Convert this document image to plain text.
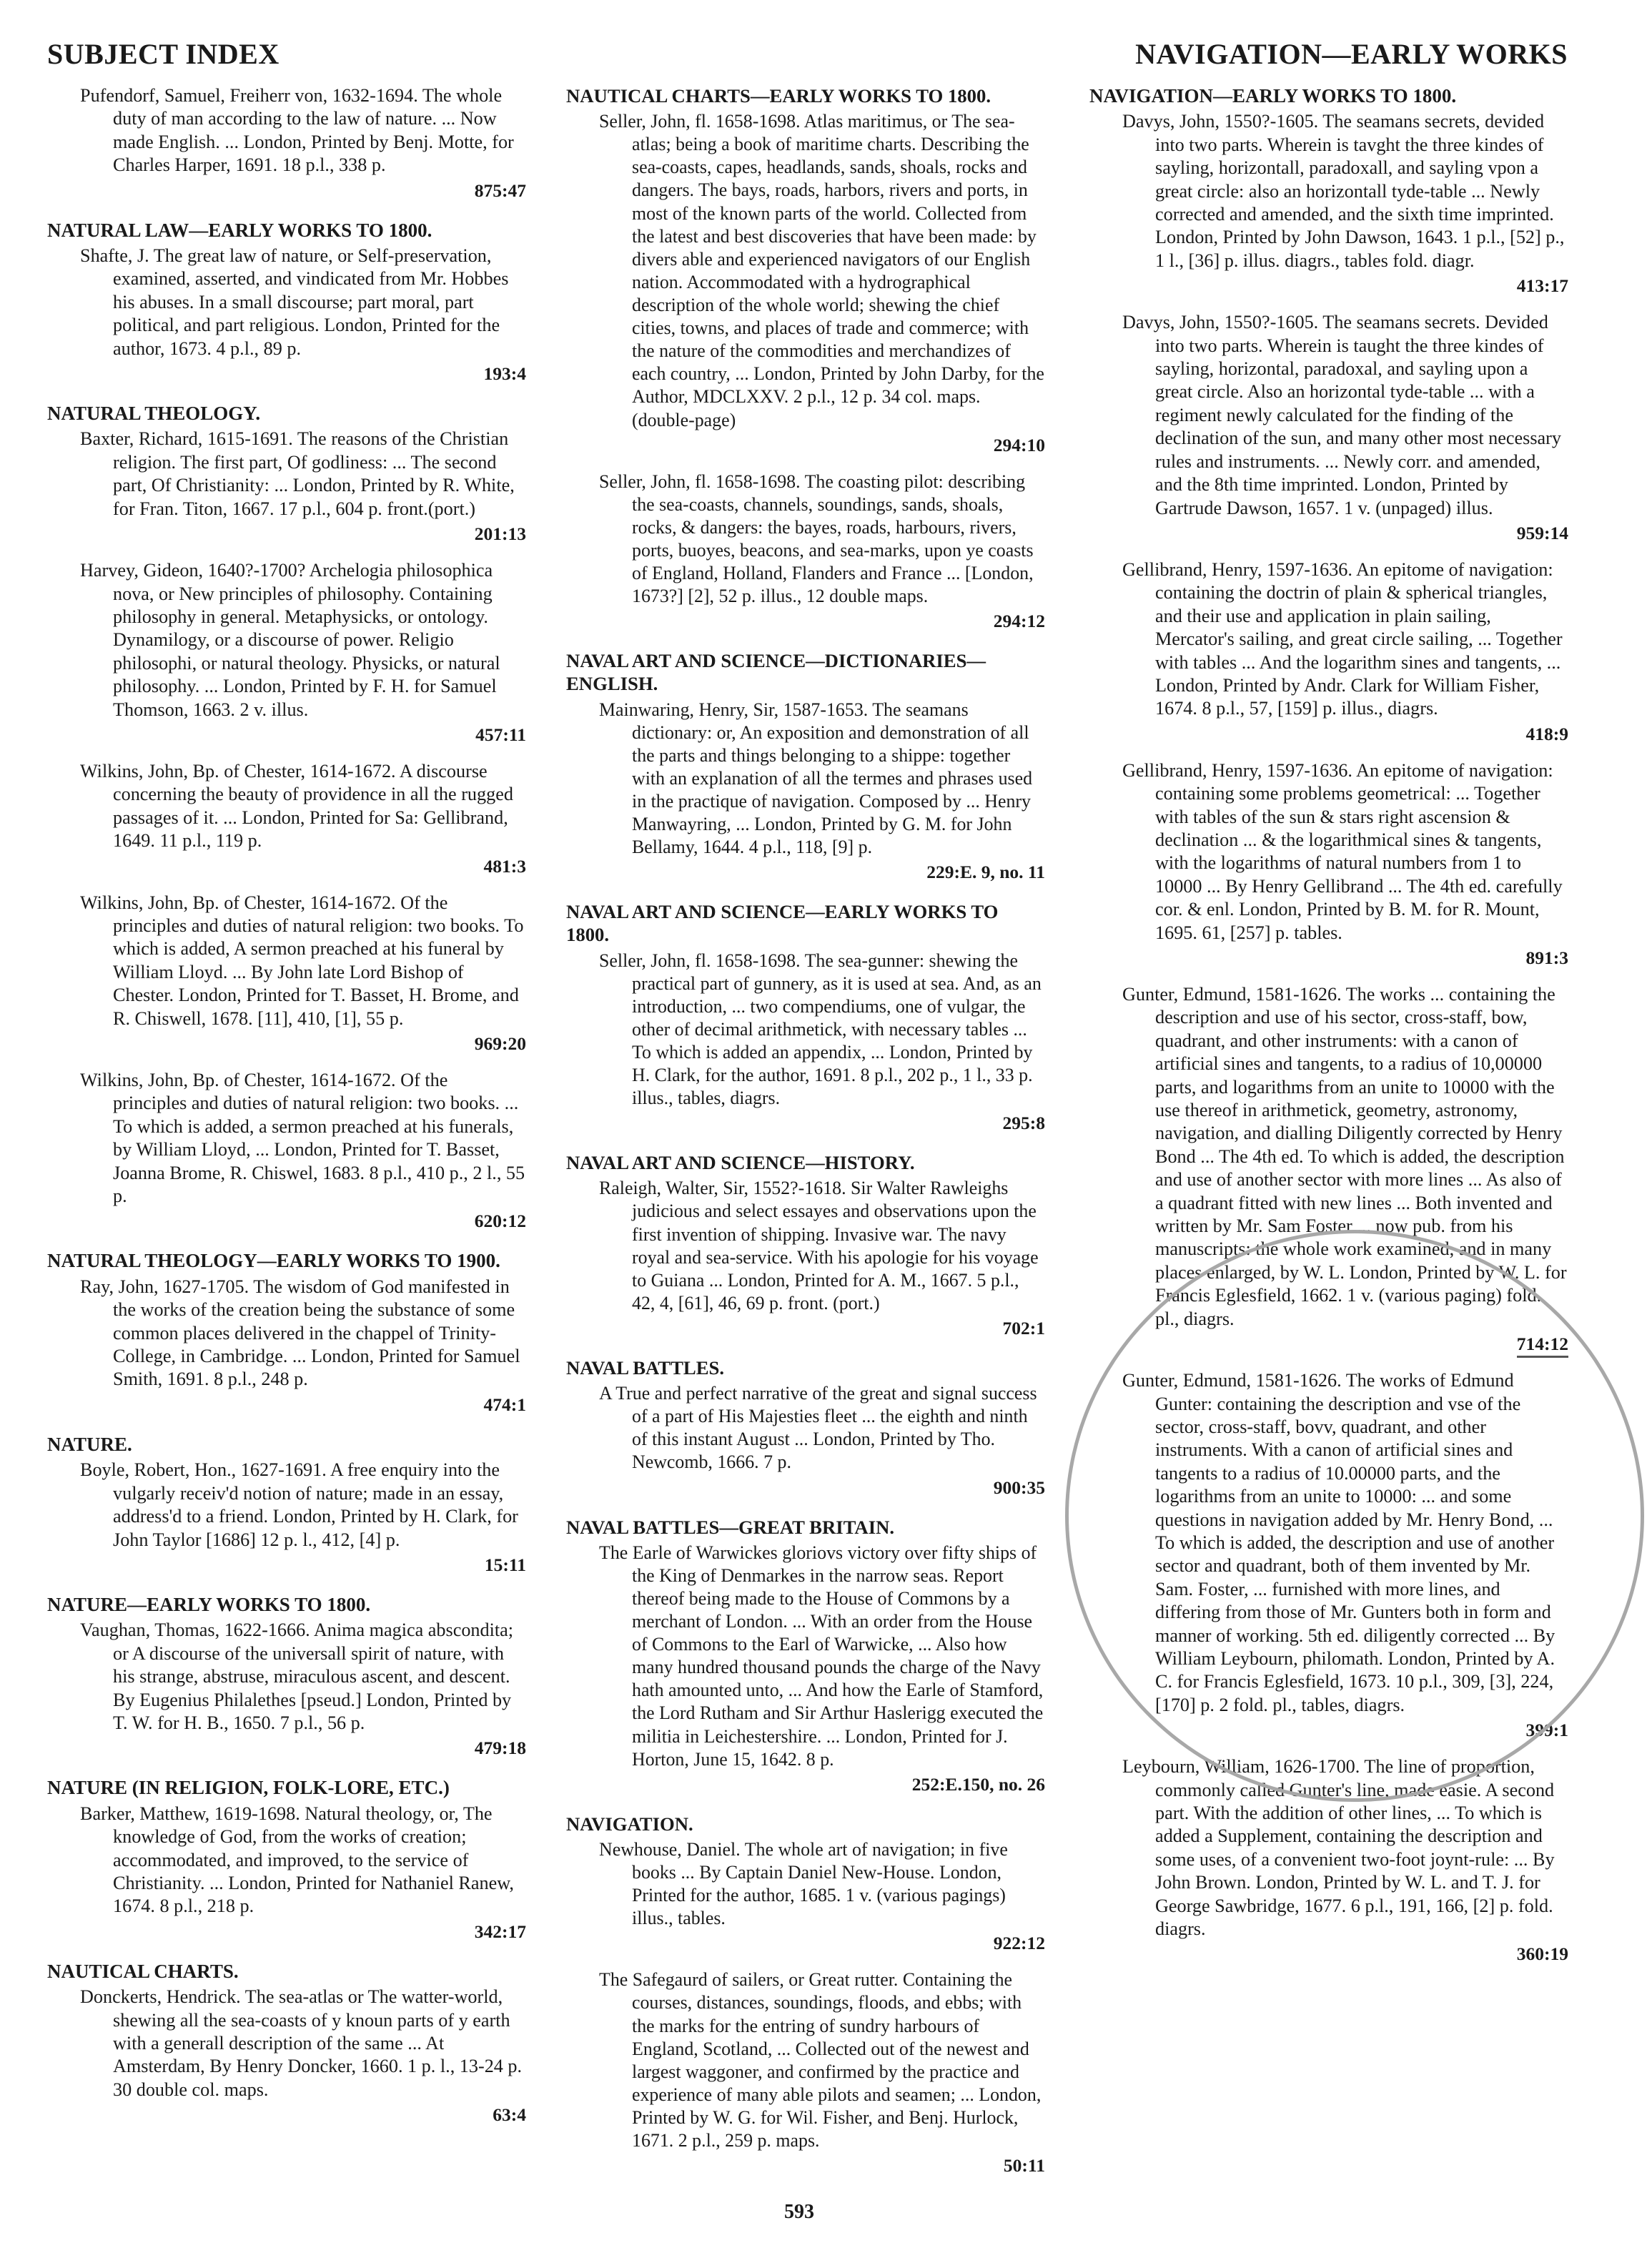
SUBJECT INDEX	NAVIGATION—EARLY WORKS
Pufendorf, Samuel, Freiherr von, 1632-1694. The whole duty of man according to the law of nature. ... Now made English. ... London, Printed by Benj. Motte, for Charles Harper, 1691. 18 p.l., 338 p.
875:47
NATURAL LAW—EARLY WORKS TO 1800.
Shafte, J. The great law of nature, or Self-preservation, examined, asserted, and vindicated from Mr. Hobbes his abuses. In a small discourse; part moral, part political, and part religious. London, Printed for the author, 1673. 4 p.l., 89 p.
193:4
NATURAL THEOLOGY.
Baxter, Richard, 1615-1691. The reasons of the Christian religion. The first part, Of godliness: ... The second part, Of Christianity: ... London, Printed by R. White, for Fran. Titon, 1667. 17 p.l., 604 p. front.(port.)
201:13
Harvey, Gideon, 1640?-1700? Archelogia philosophica nova, or New principles of philosophy. Containing philosophy in general. Metaphysicks, or ontology. Dynamilogy, or a discourse of power. Religio philosophi, or natural theology. Physicks, or natural philosophy. ... London, Printed by F. H. for Samuel Thomson, 1663. 2 v. illus.
457:11
Wilkins, John, Bp. of Chester, 1614-1672. A discourse concerning the beauty of providence in all the rugged passages of it. ... London, Printed for Sa: Gellibrand, 1649. 11 p.l., 119 p.
481:3
Wilkins, John, Bp. of Chester, 1614-1672. Of the principles and duties of natural religion: two books. To which is added, A sermon preached at his funeral by William Lloyd. ... By John late Lord Bishop of Chester. London, Printed for T. Basset, H. Brome, and R. Chiswell, 1678. [11], 410, [1], 55 p.
969:20
Wilkins, John, Bp. of Chester, 1614-1672. Of the principles and duties of natural religion: two books. ... To which is added, a sermon preached at his funerals, by William Lloyd, ... London, Printed for T. Basset, Joanna Brome, R. Chiswel, 1683. 8 p.l., 410 p., 2 l., 55 p.
620:12
NATURAL THEOLOGY—EARLY WORKS TO 1900.
Ray, John, 1627-1705. The wisdom of God manifested in the works of the creation being the substance of some common places delivered in the chappel of Trinity-College, in Cambridge. ... London, Printed for Samuel Smith, 1691. 8 p.l., 248 p.
474:1
NATURE.
Boyle, Robert, Hon., 1627-1691. A free enquiry into the vulgarly receiv'd notion of nature; made in an essay, address'd to a friend. London, Printed by H. Clark, for John Taylor [1686] 12 p. l., 412, [4] p.
15:11
NATURE—EARLY WORKS TO 1800.
Vaughan, Thomas, 1622-1666. Anima magica abscondita; or A discourse of the universall spirit of nature, with his strange, abstruse, miraculous ascent, and descent. By Eugenius Philalethes [pseud.] London, Printed by T. W. for H. B., 1650. 7 p.l., 56 p.
479:18
NATURE (IN RELIGION, FOLK-LORE, ETC.)
Barker, Matthew, 1619-1698. Natural theology, or, The knowledge of God, from the works of creation; accommodated, and improved, to the service of Christianity. ... London, Printed for Nathaniel Ranew, 1674. 8 p.l., 218 p.
342:17
NAUTICAL CHARTS.
Donckerts, Hendrick. The sea-atlas or The watter-world, shewing all the sea-coasts of y knoun parts of y earth with a generall description of the same ... At Amsterdam, By Henry Doncker, 1660. 1 p. l., 13-24 p. 30 double col. maps.
63:4
NAUTICAL CHARTS—EARLY WORKS TO 1800.
Seller, John, fl. 1658-1698. Atlas maritimus, or The sea-atlas; being a book of maritime charts. Describing the sea-coasts, capes, headlands, sands, shoals, rocks and dangers. The bays, roads, harbors, rivers and ports, in most of the known parts of the world. Collected from the latest and best discoveries that have been made: by divers able and experienced navigators of our English nation. Accommodated with a hydrographical description of the whole world; shewing the chief cities, towns, and places of trade and commerce; with the nature of the commodities and merchandizes of each country, ... London, Printed by John Darby, for the Author, MDCLXXV. 2 p.l., 12 p. 34 col. maps. (double-page)
294:10
Seller, John, fl. 1658-1698. The coasting pilot: describing the sea-coasts, channels, soundings, sands, shoals, rocks, & dangers: the bayes, roads, harbours, rivers, ports, buoyes, beacons, and sea-marks, upon ye coasts of England, Holland, Flanders and France ... [London, 1673?] [2], 52 p. illus., 12 double maps.
294:12
NAVAL ART AND SCIENCE—DICTIONARIES—ENGLISH.
Mainwaring, Henry, Sir, 1587-1653. The seamans dictionary: or, An exposition and demonstration of all the parts and things belonging to a shippe: together with an explanation of all the termes and phrases used in the practique of navigation. Composed by ... Henry Manwayring, ... London, Printed by G. M. for John Bellamy, 1644. 4 p.l., 118, [9] p.
229:E. 9, no. 11
NAVAL ART AND SCIENCE—EARLY WORKS TO 1800.
Seller, John, fl. 1658-1698. The sea-gunner: shewing the practical part of gunnery, as it is used at sea. And, as an introduction, ... two compendiums, one of vulgar, the other of decimal arithmetick, with necessary tables ... To which is added an appendix, ... London, Printed by H. Clark, for the author, 1691. 8 p.l., 202 p., 1 l., 33 p. illus., tables, diagrs.
295:8
NAVAL ART AND SCIENCE—HISTORY.
Raleigh, Walter, Sir, 1552?-1618. Sir Walter Rawleighs judicious and select essayes and observations upon the first invention of shipping. Invasive war. The navy royal and sea-service. With his apologie for his voyage to Guiana ... London, Printed for A. M., 1667. 5 p.l., 42, 4, [61], 46, 69 p. front. (port.)
702:1
NAVAL BATTLES.
A True and perfect narrative of the great and signal success of a part of His Majesties fleet ... the eighth and ninth of this instant August ... London, Printed by Tho. Newcomb, 1666. 7 p.
900:35
NAVAL BATTLES—GREAT BRITAIN.
The Earle of Warwickes gloriovs victory over fifty ships of the King of Denmarkes in the narrow seas. Report thereof being made to the House of Commons by a merchant of London. ... With an order from the House of Commons to the Earl of Warwicke, ... Also how many hundred thousand pounds the charge of the Navy hath amounted unto, ... And how the Earle of Stamford, the Lord Rutham and Sir Arthur Haslerigg executed the militia in Leichestershire. ... London, Printed for J. Horton, June 15, 1642. 8 p.
252:E.150, no. 26
NAVIGATION.
Newhouse, Daniel. The whole art of navigation; in five books ... By Captain Daniel New-House. London, Printed for the author, 1685. 1 v. (various pagings) illus., tables.
922:12
The Safegaurd of sailers, or Great rutter. Containing the courses, distances, soundings, floods, and ebbs; with the marks for the entring of sundry harbours of England, Scotland, ... Collected out of the newest and largest waggoner, and confirmed by the practice and experience of many able pilots and seamen; ... London, Printed by W. G. for Wil. Fisher, and Benj. Hurlock, 1671. 2 p.l., 259 p. maps.
50:11
NAVIGATION—EARLY WORKS TO 1800.
Davys, John, 1550?-1605. The seamans secrets, devided into two parts. Wherein is tavght the three kindes of sayling, horizontall, paradoxall, and sayling vpon a great circle: also an horizontall tyde-table ... Newly corrected and amended, and the sixth time imprinted. London, Printed by John Dawson, 1643. 1 p.l., [52] p., 1 l., [36] p. illus. diagrs., tables fold. diagr.
413:17
Davys, John, 1550?-1605. The seamans secrets. Devided into two parts. Wherein is taught the three kindes of sayling, horizontal, paradoxal, and sayling upon a great circle. Also an horizontal tyde-table ... with a regiment newly calculated for the finding of the declination of the sun, and many other most necessary rules and instruments. ... Newly corr. and amended, and the 8th time imprinted. London, Printed by Gartrude Dawson, 1657. 1 v. (unpaged) illus.
959:14
Gellibrand, Henry, 1597-1636. An epitome of navigation: containing the doctrin of plain & spherical triangles, and their use and application in plain sailing, Mercator's sailing, and great circle sailing, ... Together with tables ... And the logarithm sines and tangents, ... London, Printed by Andr. Clark for William Fisher, 1674. 8 p.l., 57, [159] p. illus., diagrs.
418:9
Gellibrand, Henry, 1597-1636. An epitome of navigation: containing some problems geometrical: ... Together with tables of the sun & stars right ascension & declination ... & the logarithmical sines & tangents, with the logarithms of natural numbers from 1 to 10000 ... By Henry Gellibrand ... The 4th ed. carefully cor. & enl. London, Printed by B. M. for R. Mount, 1695. 61, [257] p. tables.
891:3
Gunter, Edmund, 1581-1626. The works ... containing the description and use of his sector, cross-staff, bow, quadrant, and other instruments: with a canon of artificial sines and tangents, to a radius of 10,00000 parts, and logarithms from an unite to 10000 with the use thereof in arithmetick, geometry, astronomy, navigation, and dialling Diligently corrected by Henry Bond ... The 4th ed. To which is added, the description and use of another sector with more lines ... As also of a quadrant fitted with new lines ... Both invented and written by Mr. Sam Foster ... now pub. from his manuscripts: the whole work examined, and in many places enlarged, by W. L. London, Printed by W. L. for Francis Eglesfield, 1662. 1 v. (various paging) fold. pl., diagrs.
714:12
Gunter, Edmund, 1581-1626. The works of Edmund Gunter: containing the description and vse of the sector, cross-staff, bovv, quadrant, and other instruments. With a canon of artificial sines and tangents to a radius of 10.00000 parts, and the logarithms from an unite to 10000: ... and some questions in navigation added by Mr. Henry Bond, ... To which is added, the description and use of another sector and quadrant, both of them invented by Mr. Sam. Foster, ... furnished with more lines, and differing from those of Mr. Gunters both in form and manner of working. 5th ed. diligently corrected ... By William Leybourn, philomath. London, Printed by A. C. for Francis Eglesfield, 1673. 10 p.l., 309, [3], 224, [170] p. 2 fold. pl., tables, diagrs.
399:1
Leybourn, William, 1626-1700. The line of proportion, commonly called Gunter's line, made easie. A second part. With the addition of other lines, ... To which is added a Supplement, containing the description and some uses, of a convenient two-foot joynt-rule: ... By John Brown. London, Printed by W. L. and T. J. for George Sawbridge, 1677. 6 p.l., 191, 166, [2] p. fold. diagrs.
360:19
593
